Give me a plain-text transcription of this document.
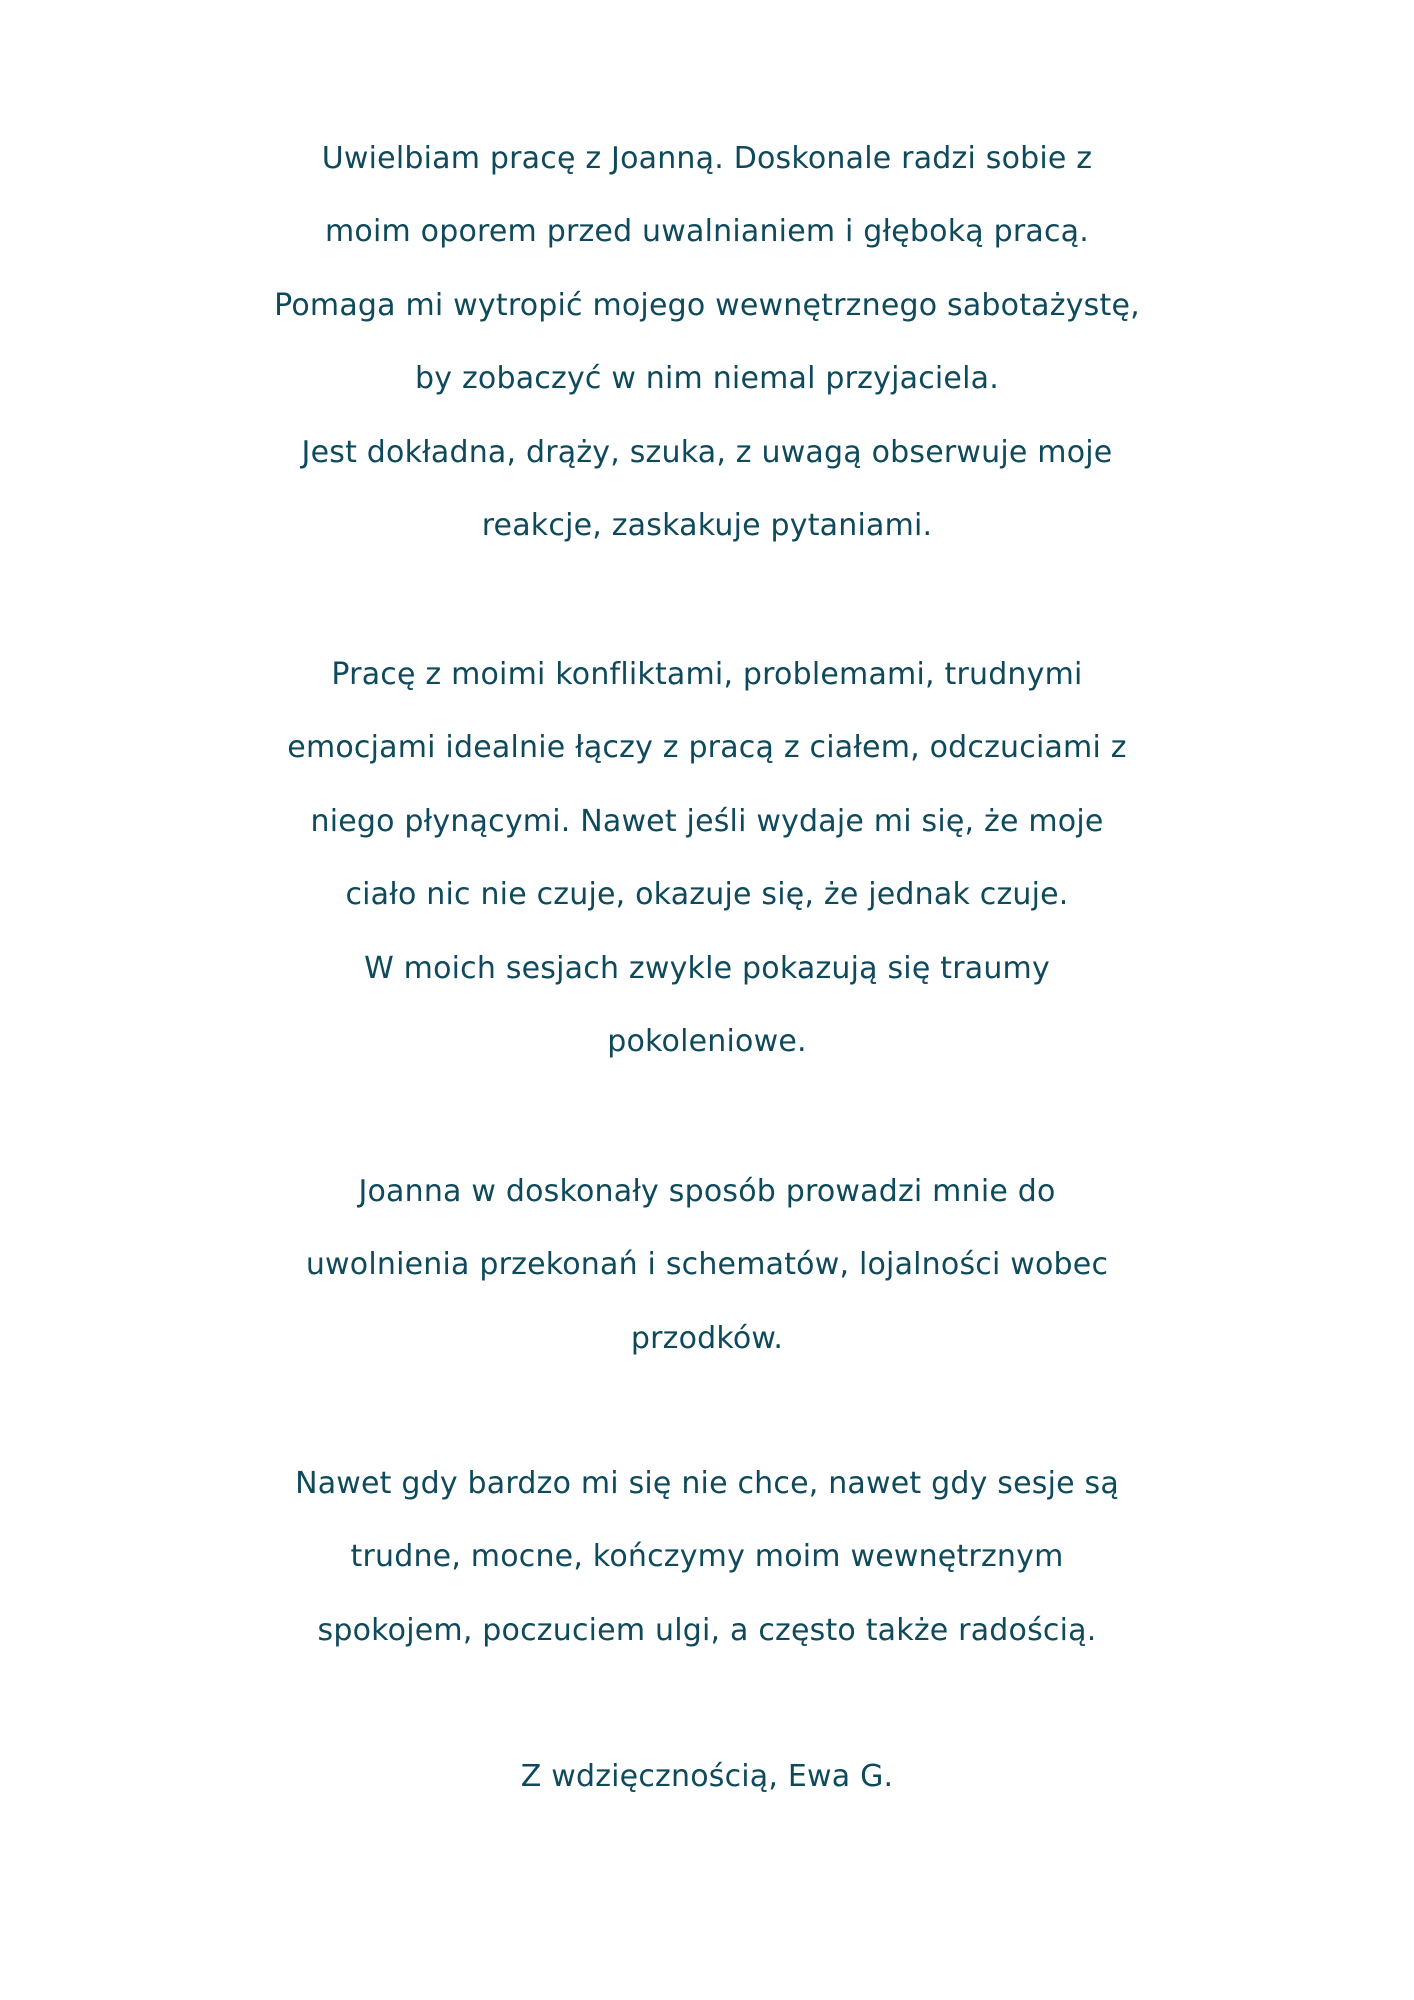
Uwielbiam pracę z Joanną. Doskonale radzi sobie z
moim oporem przed uwalnianiem i głęboką pracą.
Pomaga mi wytropić mojego wewnętrznego sabotażystę,
by zobaczyć w nim niemal przyjaciela.
Jest dokładna, drąży, szuka, z uwagą obserwuje moje
reakcje, zaskakuje pytaniami.

Pracę z moimi konfliktami, problemami, trudnymi
emocjami idealnie łączy z pracą z ciałem, odczuciami z
niego płynącymi. Nawet jeśli wydaje mi się, że moje
ciało nic nie czuje, okazuje się, że jednak czuje.
W moich sesjach zwykle pokazują się traumy
pokoleniowe.

Joanna w doskonały sposób prowadzi mnie do
uwolnienia przekonań i schematów, lojalności wobec
przodków.

Nawet gdy bardzo mi się nie chce, nawet gdy sesje są
trudne, mocne, kończymy moim wewnętrznym
spokojem, poczuciem ulgi, a często także radością.

Z wdzięcznością, Ewa G.
